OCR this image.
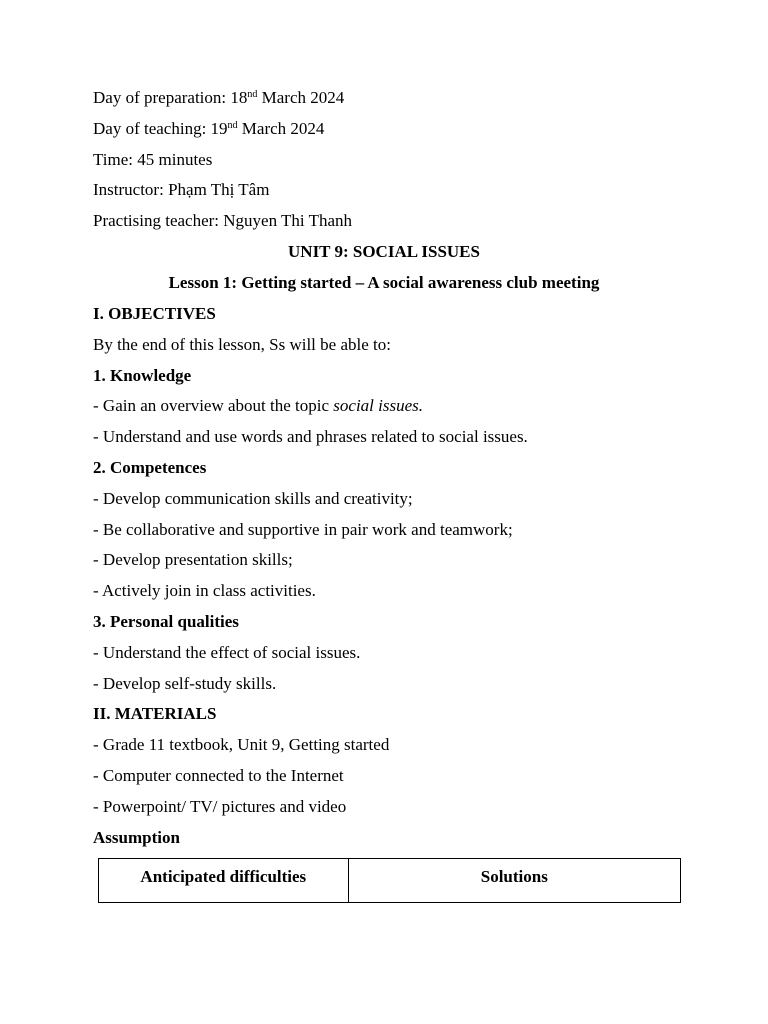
Day of preparation: 18nd March 2024
Day of teaching: 19nd March 2024
Time: 45 minutes
Instructor: Phạm Thị Tâm
Practising teacher: Nguyen Thi Thanh
UNIT 9: SOCIAL ISSUES
Lesson 1: Getting started – A social awareness club meeting
I. OBJECTIVES
By the end of this lesson, Ss will be able to:
1. Knowledge
- Gain an overview about the topic social issues.
- Understand and use words and phrases related to social issues.
2. Competences
- Develop communication skills and creativity;
- Be collaborative and supportive in pair work and teamwork;
- Develop presentation skills;
- Actively join in class activities.
3. Personal qualities
- Understand the effect of social issues.
- Develop self-study skills.
II. MATERIALS
- Grade 11 textbook, Unit 9, Getting started
- Computer connected to the Internet
- Powerpoint/ TV/ pictures and video
Assumption
Anticipated difficulties	Solutions
